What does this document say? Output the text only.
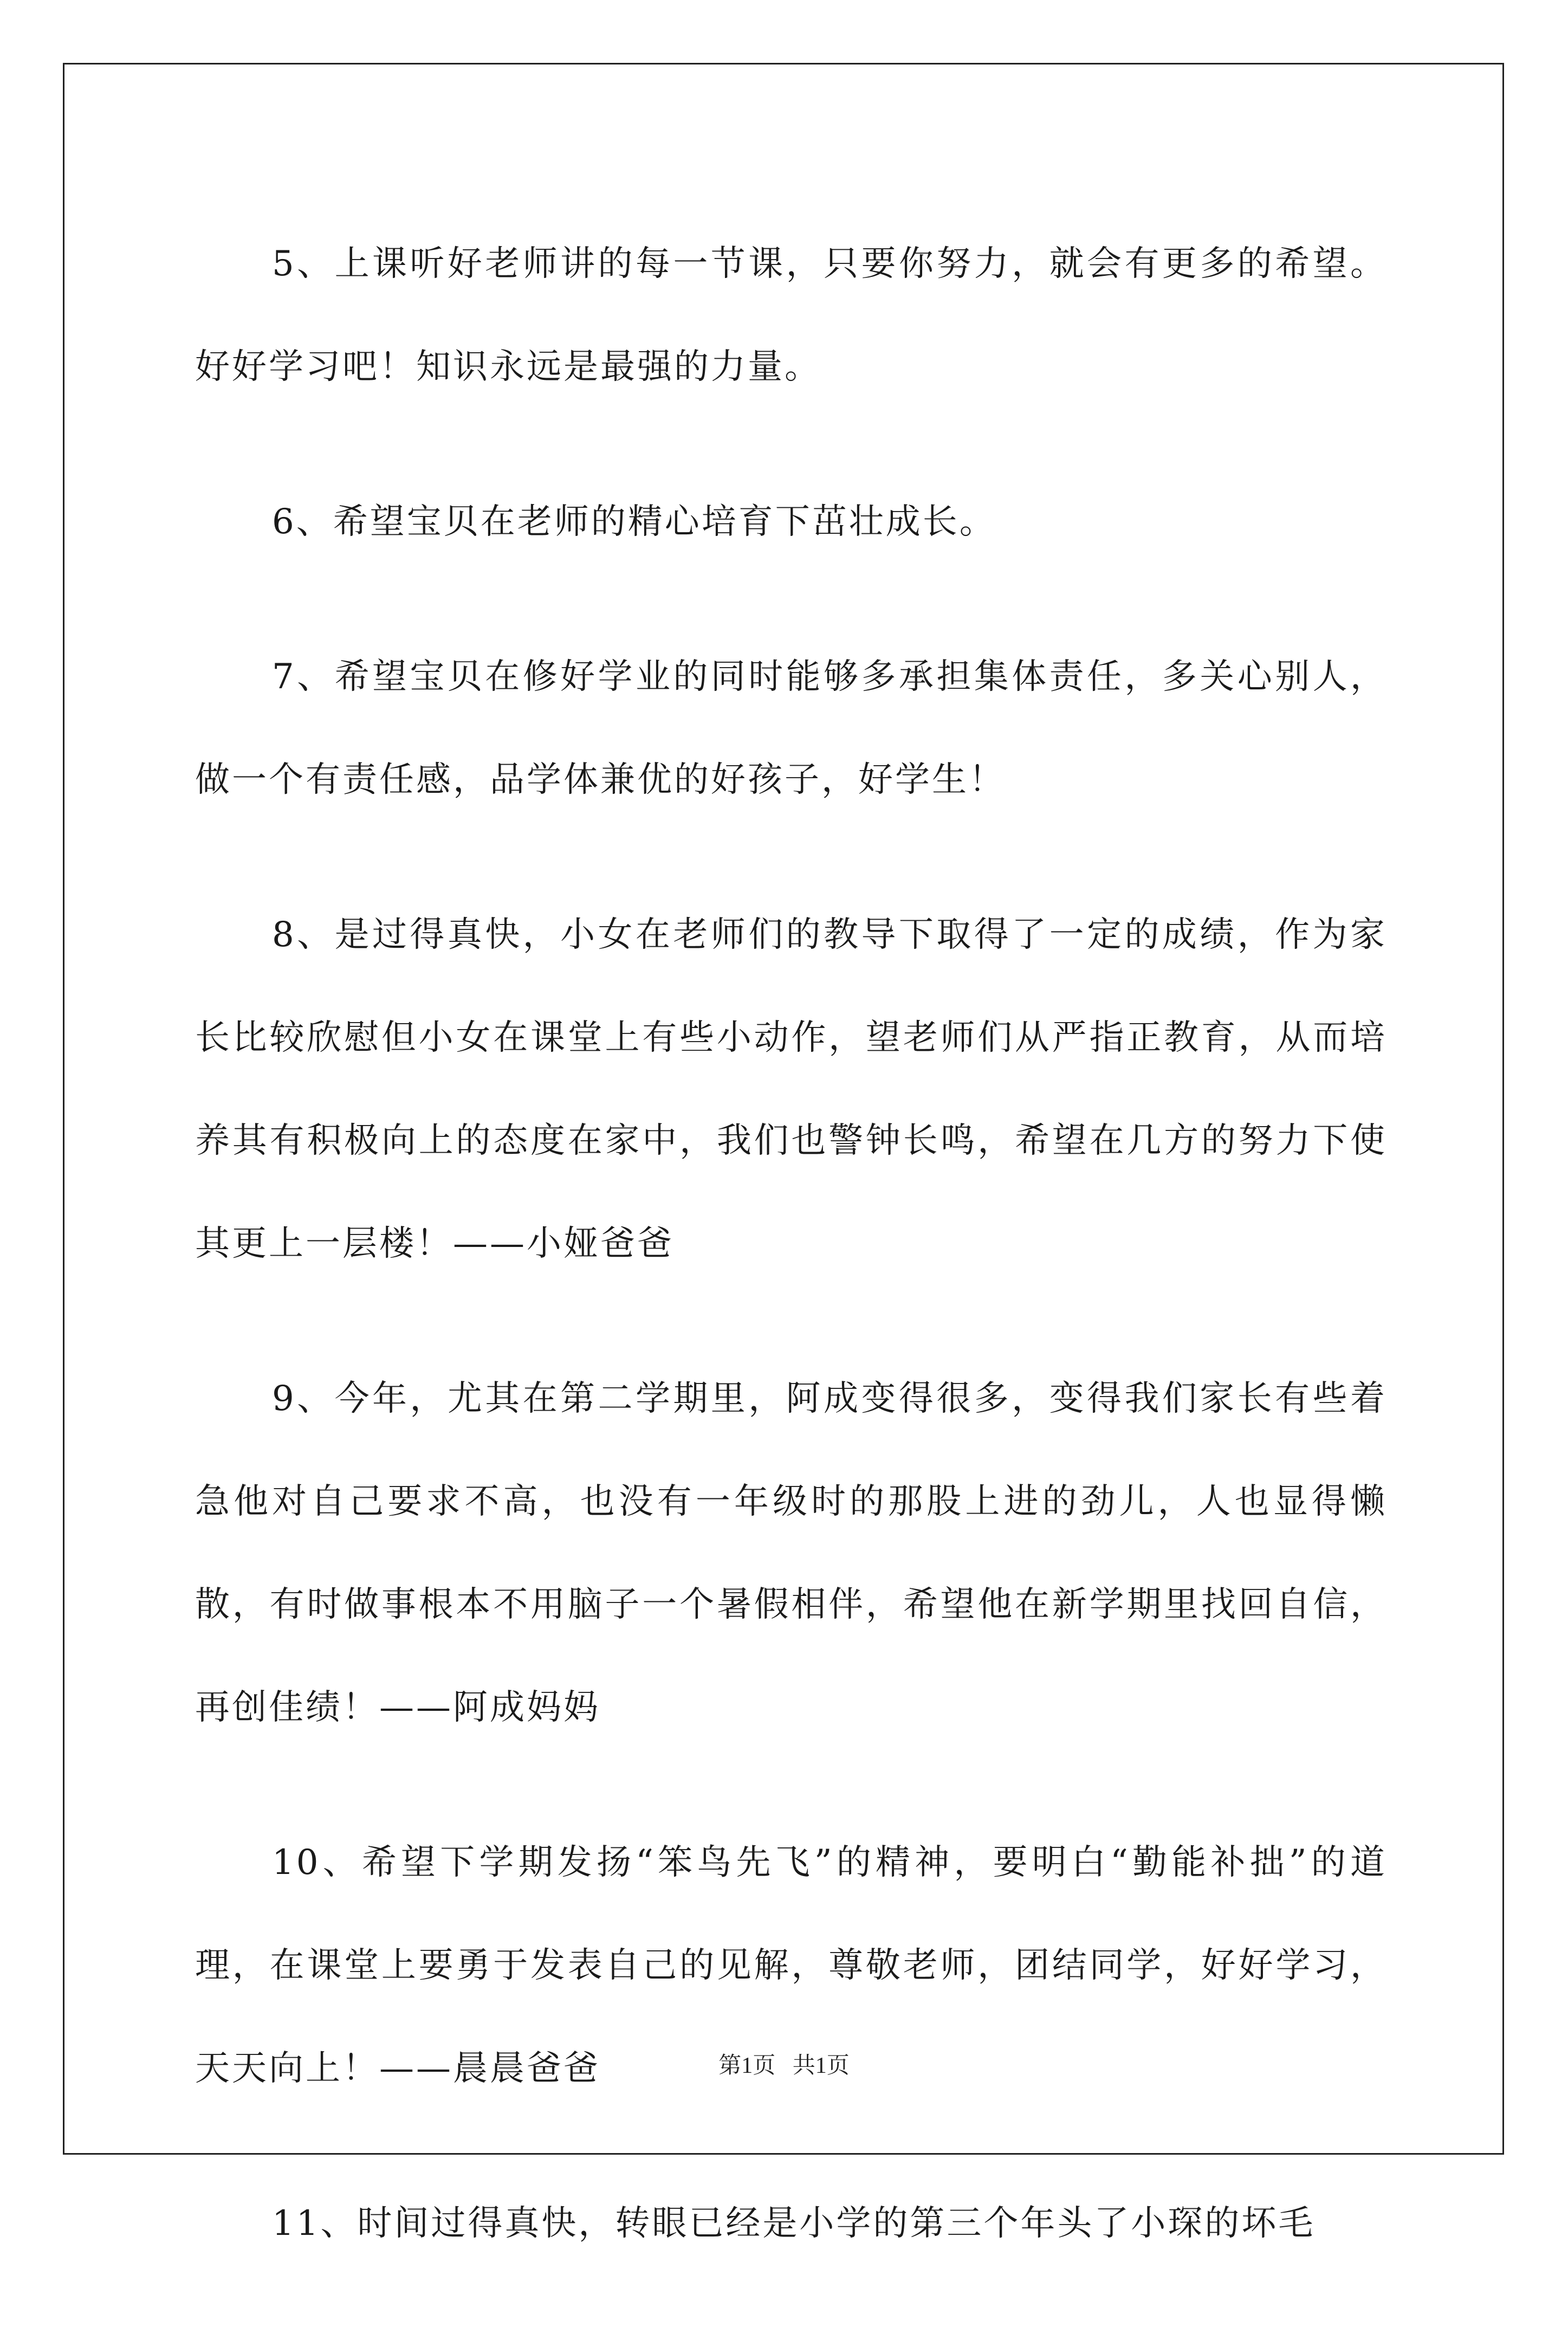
5、上课听好老师讲的每一节课，只要你努力，就会有更多的希望。好好学习吧！知识永远是最强的力量。

6、希望宝贝在老师的精心培育下茁壮成长。

7、希望宝贝在修好学业的同时能够多承担集体责任，多关心别人，做一个有责任感，品学体兼优的好孩子，好学生！

8、是过得真快，小女在老师们的教导下取得了一定的成绩，作为家长比较欣慰但小女在课堂上有些小动作，望老师们从严指正教育，从而培养其有积极向上的态度在家中，我们也警钟长鸣，希望在几方的努力下使其更上一层楼！——小娅爸爸

9、今年，尤其在第二学期里，阿成变得很多，变得我们家长有些着急他对自己要求不高，也没有一年级时的那股上进的劲儿，人也显得懒散，有时做事根本不用脑子一个暑假相伴，希望他在新学期里找回自信，再创佳绩！——阿成妈妈

10、希望下学期发扬“笨鸟先飞”的精神，要明白“勤能补拙”的道理，在课堂上要勇于发表自己的见解，尊敬老师，团结同学，好好学习，天天向上！——晨晨爸爸

11、时间过得真快，转眼已经是小学的第三个年头了小琛的坏毛

第1页 共1页
